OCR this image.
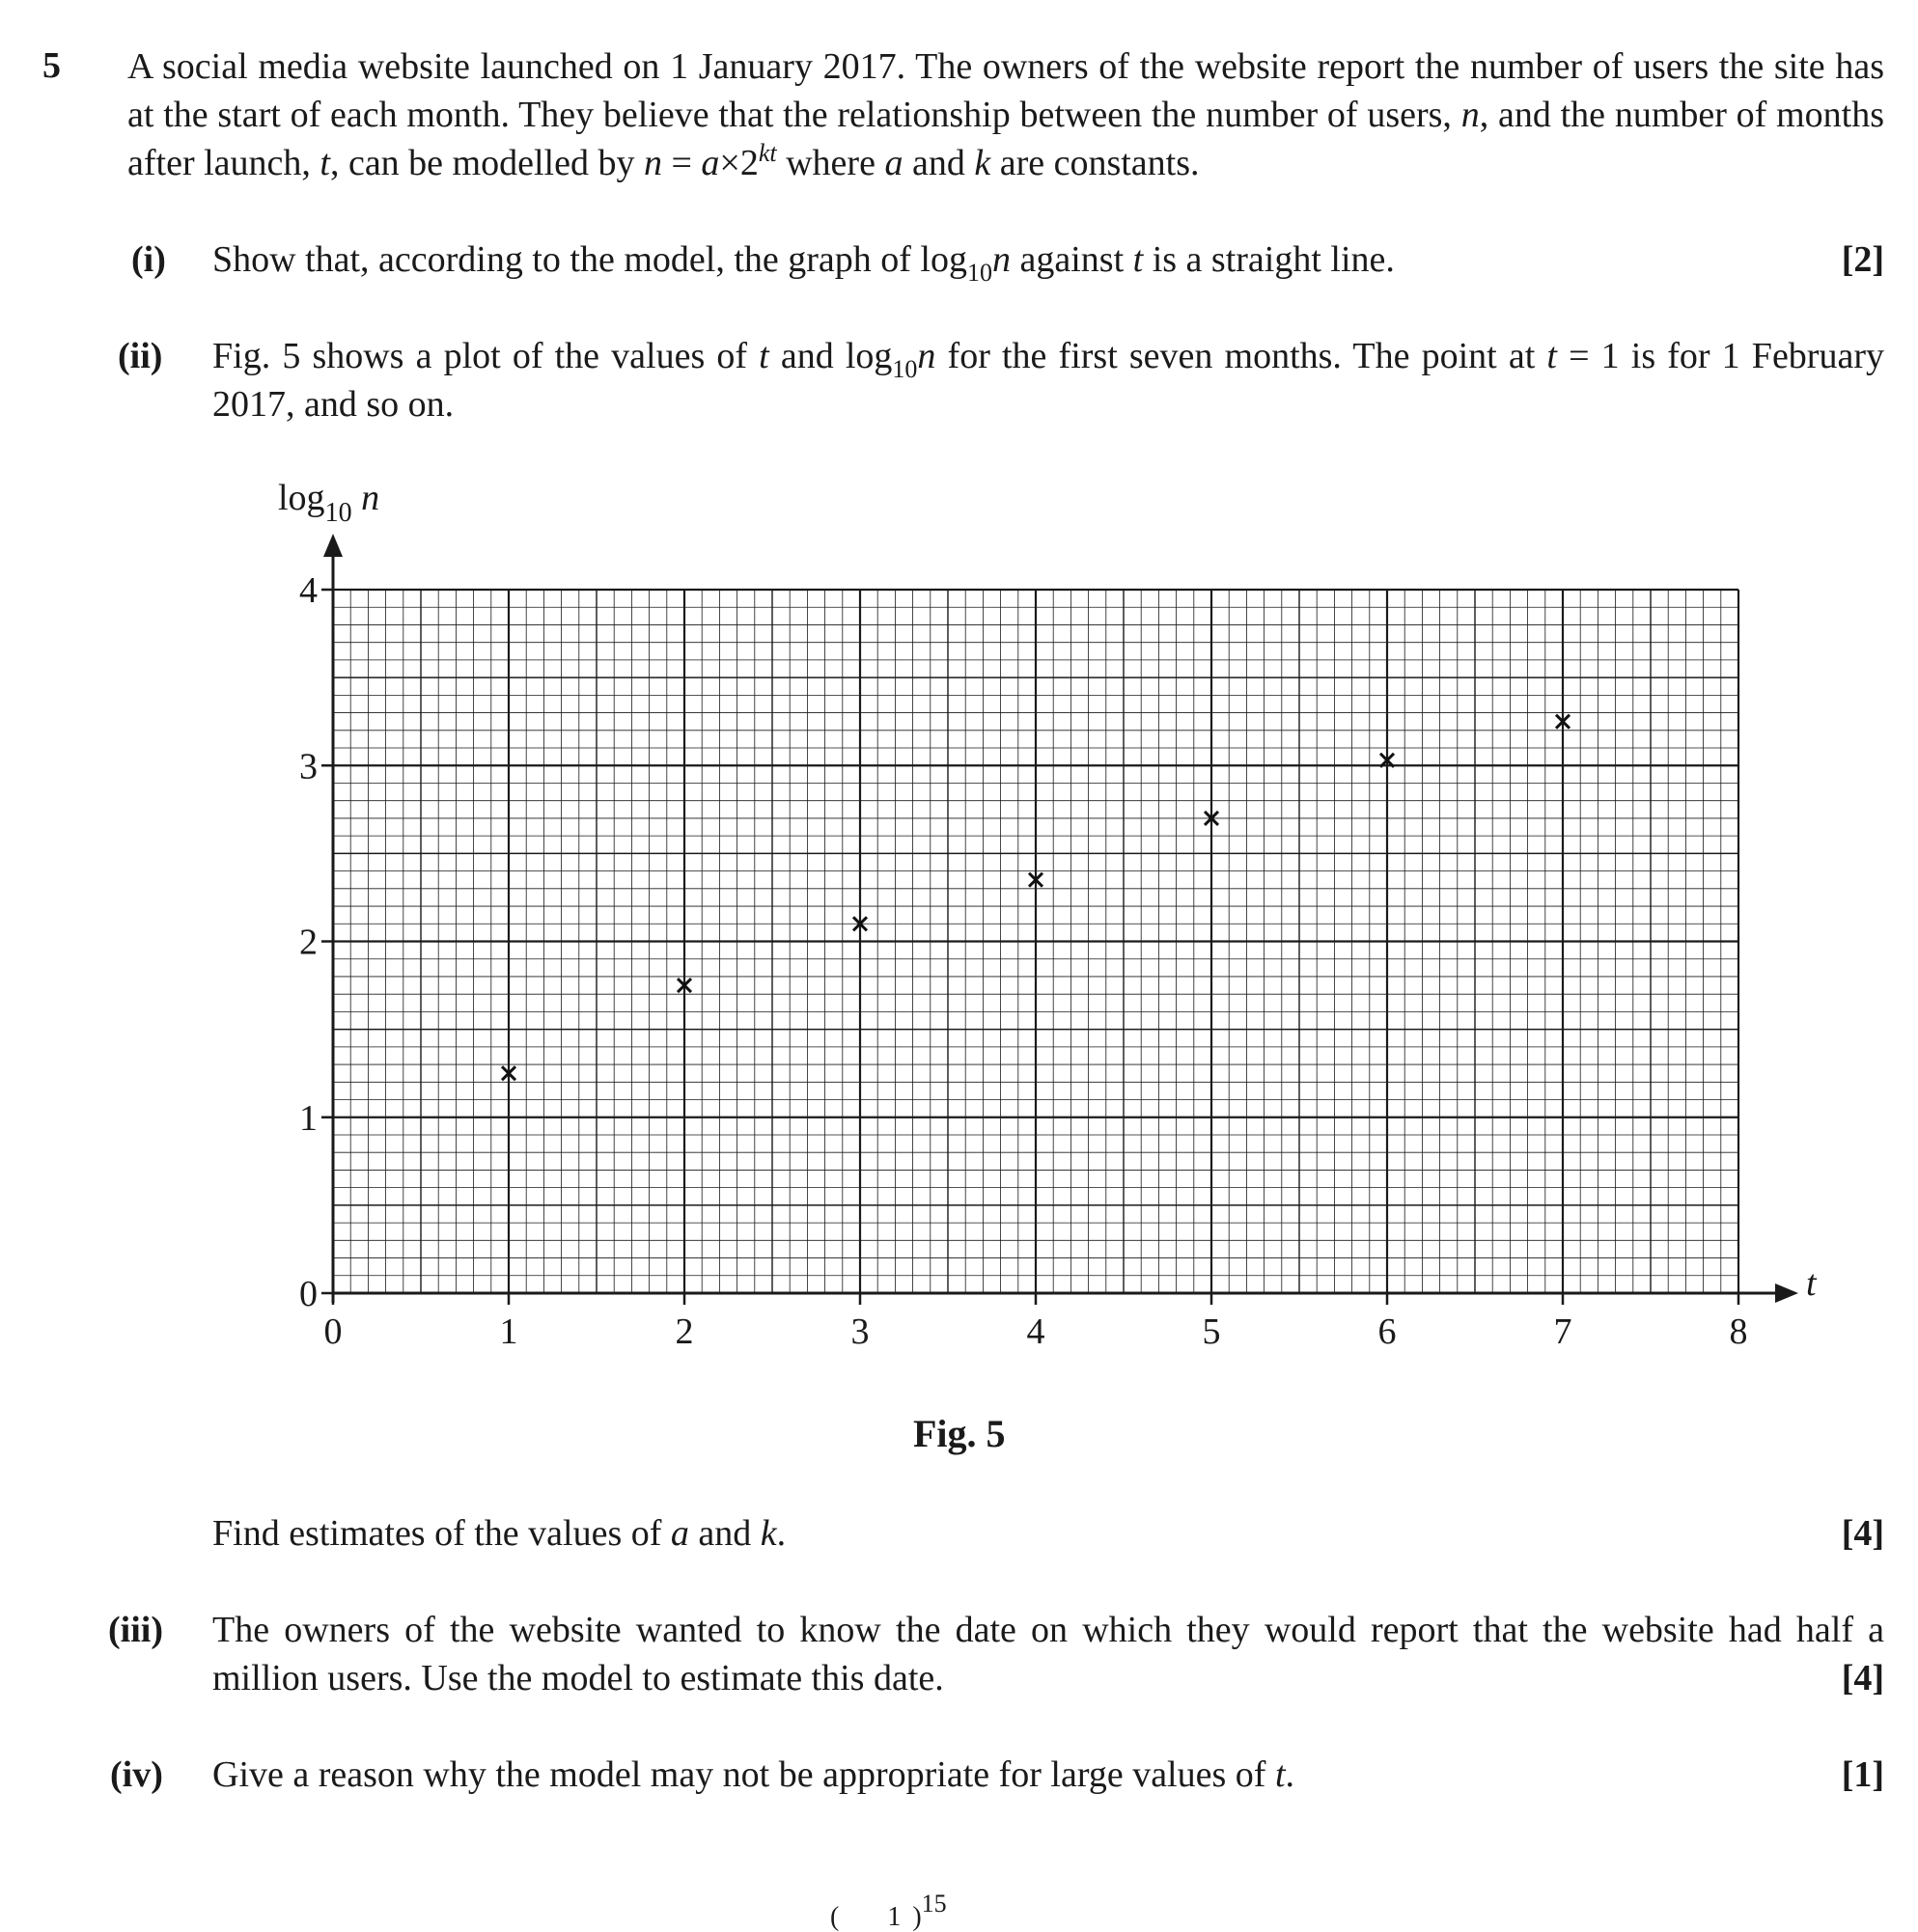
5 A social media website launched on 1 January 2017. The owners of the website report the number of users the site has at the start of each month. They believe that the relationship between the number of users, n, and the number of months after launch, t, can be modelled by $n = a\times 2^{kt}$ where a and k are constants.
(i) Show that, according to the model, the graph of $\log_{10}n$ against t is a straight line.	[2]
(ii) Fig. 5 shows a plot of the values of t and $\log_{10}n$ for the first seven months. The point at t = 1 is for 1 February 2017, and so on.
0	1	2	3	4	5	6	7	8
0
1
2
3
4
t
$\log_{10} n$
Fig. 5
Find estimates of the values of a and k.	[4]
(iii) The owners of the website wanted to know the date on which they would report that the website had half a million users. Use the model to estimate this date.	[4]
(iv) Give a reason why the model may not be appropriate for large values of t.	[1]
( 1 )$^{15}$
